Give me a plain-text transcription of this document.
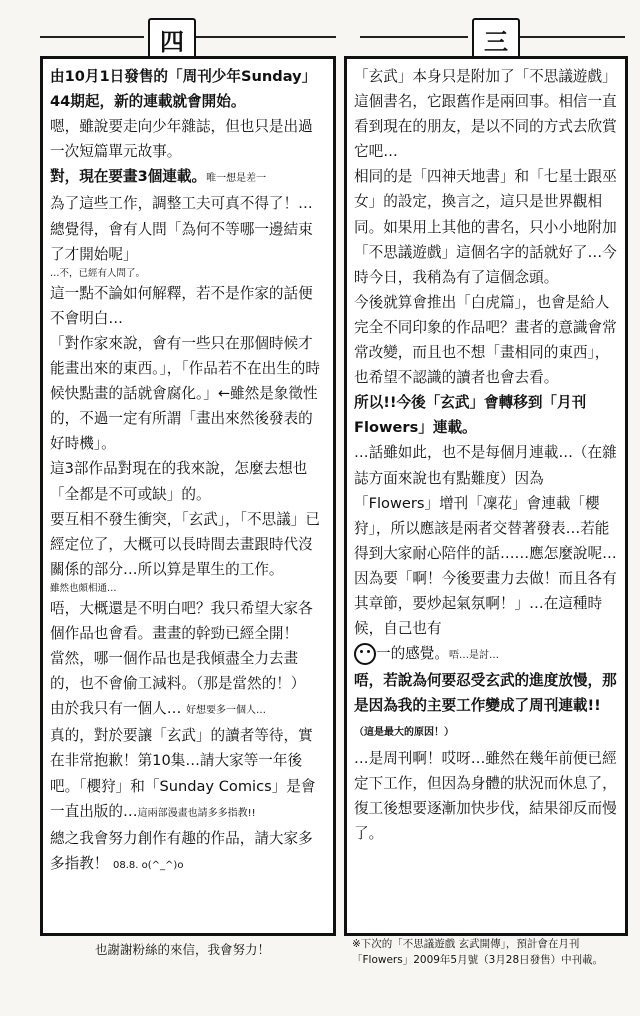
四	三

由10月1日發售的「周刊少年Sunday」44期起，新的連載就會開始。

嗯，雖說要走向少年雜誌，但也只是出過一次短篇單元故事。

對，現在要畫3個連載。唯一想是差一

為了這些工作，調整工夫可真不得了！…總覺得，會有人問「為何不等哪一邊結束了才開始呢」

…不，已經有人問了。

這一點不論如何解釋，若不是作家的話便不會明白…

「對作家來說，會有一些只在那個時候才能畫出來的東西。」，「作品若不在出生的時候快點畫的話就會腐化。」←雖然是象徵性的，不過一定有所謂「畫出來然後發表的好時機」。

這3部作品對現在的我來說，怎麼去想也「全都是不可或缺」的。

要互相不發生衝突，「玄武」，「不思議」已經定位了，大概可以長時間去畫跟時代沒關係的部分…所以算是單生的工作。

雖然也頗相通…

唔，大概還是不明白吧？我只希望大家各個作品也會看。畫畫的幹勁已經全開！

當然，哪一個作品也是我傾盡全力去畫的，也不會偷工減料。（那是當然的！）

由於我只有一個人… 好想要多一個人…

真的，對於要讓「玄武」的讀者等待，實在非常抱歉！第10集…請大家等一年後吧。「櫻狩」和「Sunday Comics」是會一直出版的…這兩部漫畫也請多多指教!!

總之我會努力創作有趣的作品，請大家多多指教！ 08.8. o(^_^)o

「玄武」本身只是附加了「不思議遊戲」這個書名，它跟舊作是兩回事。相信一直看到現在的朋友，是以不同的方式去欣賞它吧…

相同的是「四神天地書」和「七星士跟巫女」的設定，換言之，這只是世界觀相同。如果用上其他的書名，只小小地附加「不思議遊戲」這個名字的話就好了…今時今日，我稍為有了這個念頭。

今後就算會推出「白虎篇」，也會是給人完全不同印象的作品吧？畫者的意識會常常改變，而且也不想「畫相同的東西」，也希望不認識的讀者也會去看。

所以!!今後「玄武」會轉移到「月刊Flowers」連載。

…話雖如此，也不是每個月連載…（在雜誌方面來說也有點難度）因為「Flowers」增刊「凜花」會連載「櫻狩」，所以應該是兩者交替著發表…若能得到大家耐心陪伴的話……應怎麼說呢…因為要「啊！今後要畫力去做！而且各有其章節，要炒起氣氛啊！」…在這種時候，自己也有

一的感覺。唔…是討…

唔，若說為何要忍受玄武的進度放慢，那是因為我的主要工作變成了周刊連載!!（這是最大的原因！）

…是周刊啊！哎呀…雖然在幾年前便已經定下工作，但因為身體的狀況而休息了，復工後想要逐漸加快步伐，結果卻反而慢了。

也謝謝粉絲的來信，我會努力！	※下次的「不思議遊戲 玄武開傳」，預計會在月刊「Flowers」2009年5月號（3月28日發售）中刊載。
